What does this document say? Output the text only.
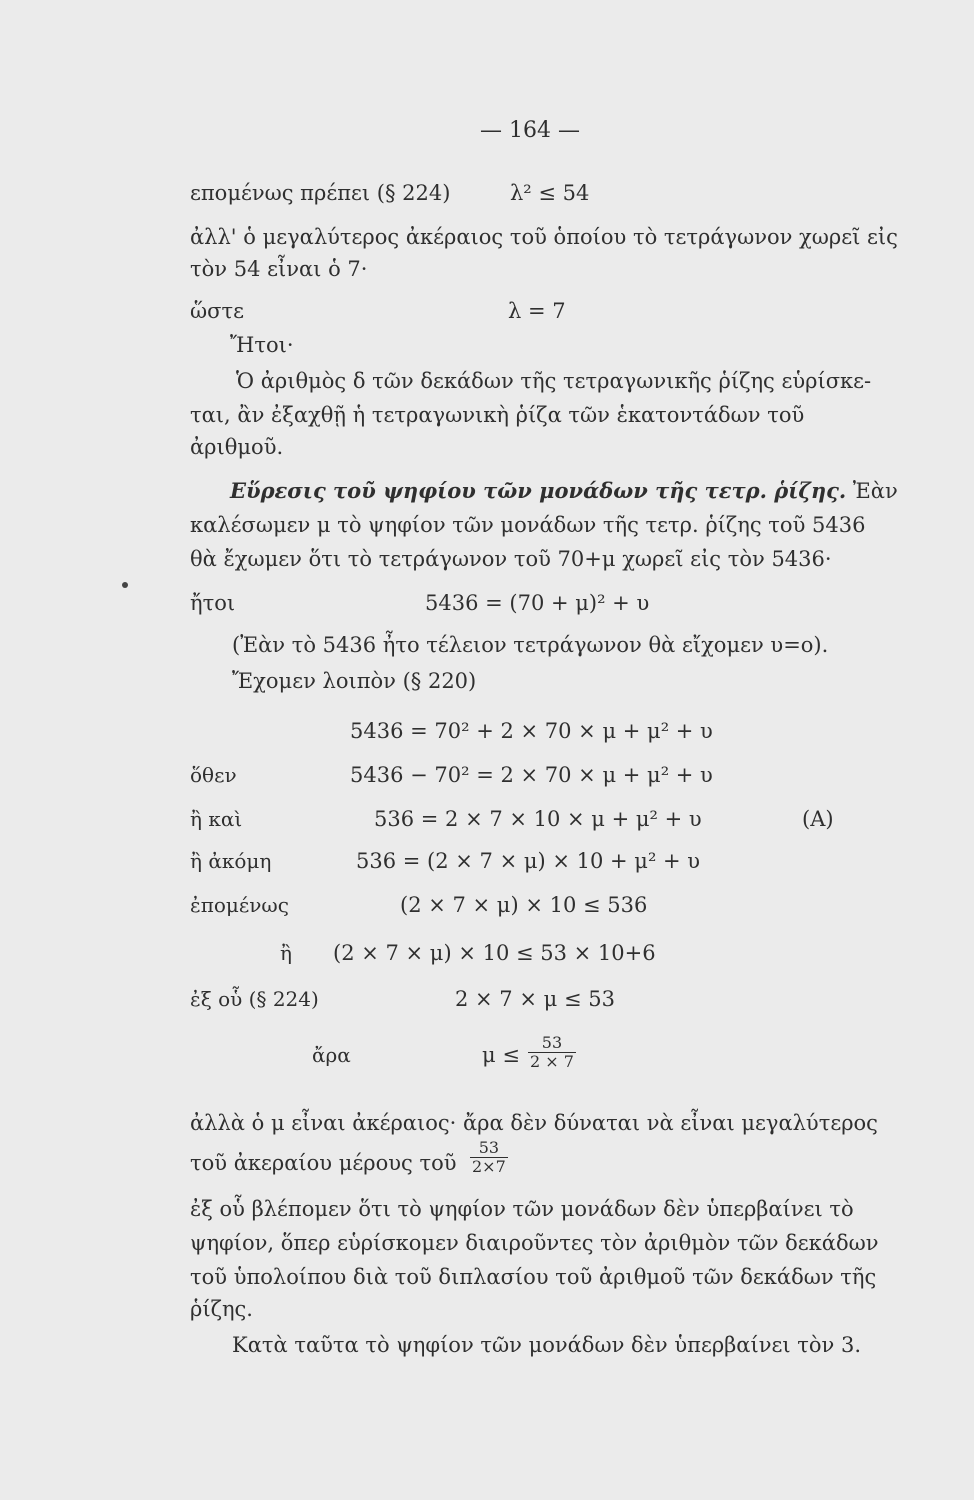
— 164 —
επομένως πρέπει (§ 224)	λ² ≤ 54
ἀλλ' ὁ μεγαλύτερος ἀκέραιος τοῦ ὁποίου τὸ τετράγωνον χωρεῖ εἰς
τὸν 54 εἶναι ὁ 7·
ὥστε	λ = 7
Ἤτοι·
Ὁ ἀριθμὸς δ τῶν δεκάδων τῆς τετραγωνικῆς ῥίζης εὑρίσκε-
ται, ἂν ἐξαχθῇ ἡ τετραγωνικὴ ῥίζα τῶν ἑκατοντάδων τοῦ
ἀριθμοῦ.
Εὕρεσις τοῦ ψηφίου τῶν μονάδων τῆς τετρ. ῥίζης. Ἐὰν
καλέσωμεν μ τὸ ψηφίον τῶν μονάδων τῆς τετρ. ῥίζης τοῦ 5436
θὰ ἔχωμεν ὅτι τὸ τετράγωνον τοῦ 70+μ χωρεῖ εἰς τὸν 5436·
ἤτοι	5436 = (70 + μ)² + υ
(Ἐὰν τὸ 5436 ἦτο τέλειον τετράγωνον θὰ εἴχομεν υ=ο).
Ἔχομεν λοιπὸν (§ 220)
5436 = 70² + 2 × 70 × μ + μ² + υ
ὅθεν	5436 − 70² = 2 × 70 × μ + μ² + υ
ἢ καὶ	536 = 2 × 7 × 10 × μ + μ² + υ	(Α)
ἢ ἀκόμη	536 = (2 × 7 × μ) × 10 + μ² + υ
ἐπομένως	(2 × 7 × μ) × 10 ≤ 536
ἢ (2 × 7 × μ) × 10 ≤ 53 × 10+6
ἐξ οὗ (§ 224)	2 × 7 × μ ≤ 53
ἄρα	$\mu \le \frac{53}{2 \times 7}$
ἀλλὰ ὁ μ εἶναι ἀκέραιος· ἄρα δὲν δύναται νὰ εἶναι μεγαλύτερος
τοῦ ἀκεραίου μέρους τοῦ $\frac{53}{2\times 7}$
ἐξ οὗ βλέπομεν ὅτι τὸ ψηφίον τῶν μονάδων δὲν ὑπερβαίνει τὸ
ψηφίον, ὅπερ εὑρίσκομεν διαιροῦντες τὸν ἀριθμὸν τῶν δεκάδων
τοῦ ὑπολοίπου διὰ τοῦ διπλασίου τοῦ ἀριθμοῦ τῶν δεκάδων τῆς
ῥίζης.
Κατὰ ταῦτα τὸ ψηφίον τῶν μονάδων δὲν ὑπερβαίνει τὸν 3.
